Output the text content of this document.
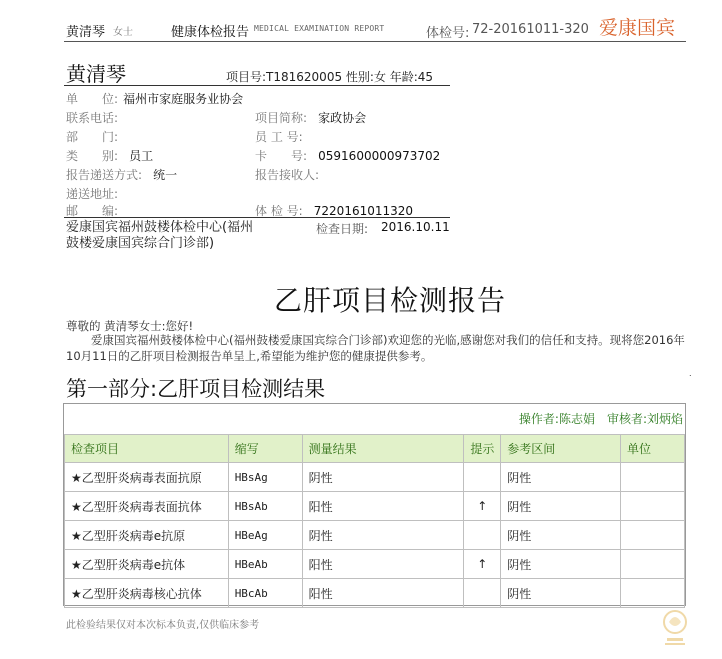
黄清琴 女士	健康体检报告 MEDICAL EXAMINATION REPORT	体检号: 72-20161011-320 爱康国宾
黄清琴	项目号:T181620005 性别:女 年龄:45
单　　位: 福州市家庭服务业协会
联系电话:
部　　门:
类　　别: 员工
报告递送方式: 统一
递送地址:
邮　　编:
项目简称: 家政协会
员 工 号:
卡　　号: 0591600000973702
报告接收人:
体 检 号: 7220161011320
爱康国宾福州鼓楼体检中心(福州鼓楼爱康国宾综合门诊部)
检查日期: 2016.10.11
乙肝项目检测报告
尊敬的 黄清琴女士:您好!
爱康国宾福州鼓楼体检中心(福州鼓楼爱康国宾综合门诊部)欢迎您的光临,感谢您对我们的信任和支持。现将您2016年10月11日的乙肝项目检测报告单呈上,希望能为维护您的健康提供参考。
第一部分:乙肝项目检测结果
.
操作者:陈志娟　审核者:刘炳焰
检查项目	缩写	测量结果	提示	参考区间	单位
★乙型肝炎病毒表面抗原	HBsAg	阴性		阴性	
★乙型肝炎病毒表面抗体	HBsAb	阳性	↑	阴性	
★乙型肝炎病毒e抗原	HBeAg	阴性		阴性	
★乙型肝炎病毒e抗体	HBeAb	阳性	↑	阴性	
★乙型肝炎病毒核心抗体	HBcAb	阳性		阴性	
此检验结果仅对本次标本负责,仅供临床参考
